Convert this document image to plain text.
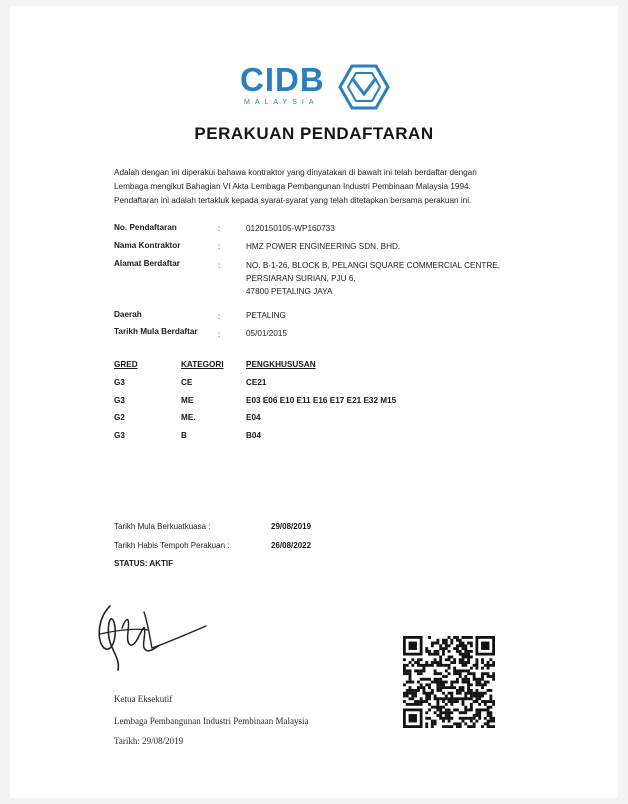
CIDB
MALAYSIA
PERAKUAN PENDAFTARAN
Adalah dengan ini diperakui bahawa kontraktor yang dinyatakan di bawah ini telah berdaftar dengan
Lembaga mengikut Bahagian VI Akta Lembaga Pembangunan Industri Pembinaan Malaysia 1994.
Pendaftaran ini adalah tertakluk kepada syarat-syarat yang telah ditetapkan bersama perakuan ini.
No. Pendaftaran	:	0120150105-WP160733
Nama Kontraktor	:	HMZ POWER ENGINEERING SDN. BHD.
Alamat Berdaftar	:	NO. B-1-26, BLOCK B, PELANGI SQUARE COMMERCIAL CENTRE,
PERSIARAN SURIAN, PJU 6,
47800 PETALING JAYA
Daerah	:	PETALING
Tarikh Mula Berdaftar :	05/01/2015
GRED	KATEGORI	PENGKHUSUSAN
G3	CE	CE21
G3	ME	E03 E06 E10 E11 E16 E17 E21 E32 M15
G2	ME.	E04
G3	B	B04
Tarikh Mula Berkuatkuasa :	29/08/2019
Tarikh Habis Tempoh Perakuan :	26/08/2022
STATUS: AKTIF
Ketua Eksekutif
Lembaga Pembangunan Industri Pembinaan Malaysia
Tarikh: 29/08/2019
